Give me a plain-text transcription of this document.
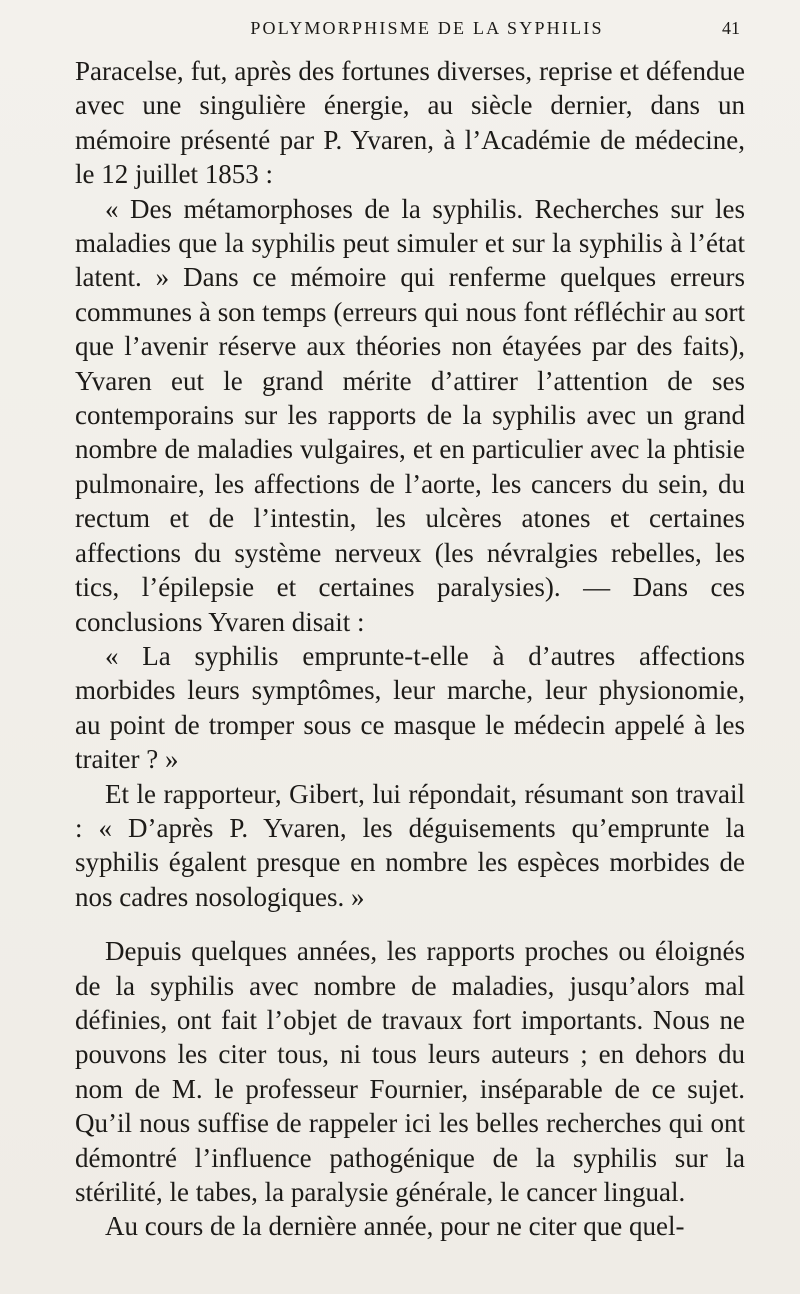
POLYMORPHISME DE LA SYPHILIS	41

Paracelse, fut, après des fortunes diverses, reprise et défendue avec une singulière énergie, au siècle dernier, dans un mémoire présenté par P. Yvaren, à l’Académie de médecine, le 12 juillet 1853 :

« Des métamorphoses de la syphilis. Recherches sur les maladies que la syphilis peut simuler et sur la syphilis à l’état latent. » Dans ce mémoire qui renferme quelques erreurs communes à son temps (erreurs qui nous font réfléchir au sort que l’avenir réserve aux théories non étayées par des faits), Yvaren eut le grand mérite d’attirer l’attention de ses contemporains sur les rapports de la syphilis avec un grand nombre de maladies vulgaires, et en particulier avec la phtisie pulmonaire, les affections de l’aorte, les cancers du sein, du rectum et de l’intestin, les ulcères atones et certaines affections du système nerveux (les névralgies rebelles, les tics, l’épilepsie et certaines paralysies). — Dans ces conclusions Yvaren disait :

« La syphilis emprunte-t-elle à d’autres affections morbides leurs symptômes, leur marche, leur physionomie, au point de tromper sous ce masque le médecin appelé à les traiter ? »

Et le rapporteur, Gibert, lui répondait, résumant son travail : « D’après P. Yvaren, les déguisements qu’emprunte la syphilis égalent presque en nombre les espèces morbides de nos cadres nosologiques. »

Depuis quelques années, les rapports proches ou éloignés de la syphilis avec nombre de maladies, jusqu’alors mal définies, ont fait l’objet de travaux fort importants. Nous ne pouvons les citer tous, ni tous leurs auteurs ; en dehors du nom de M. le professeur Fournier, inséparable de ce sujet. Qu’il nous suffise de rappeler ici les belles recherches qui ont démontré l’influence pathogénique de la syphilis sur la stérilité, le tabes, la paralysie générale, le cancer lingual.

Au cours de la dernière année, pour ne citer que quel-
